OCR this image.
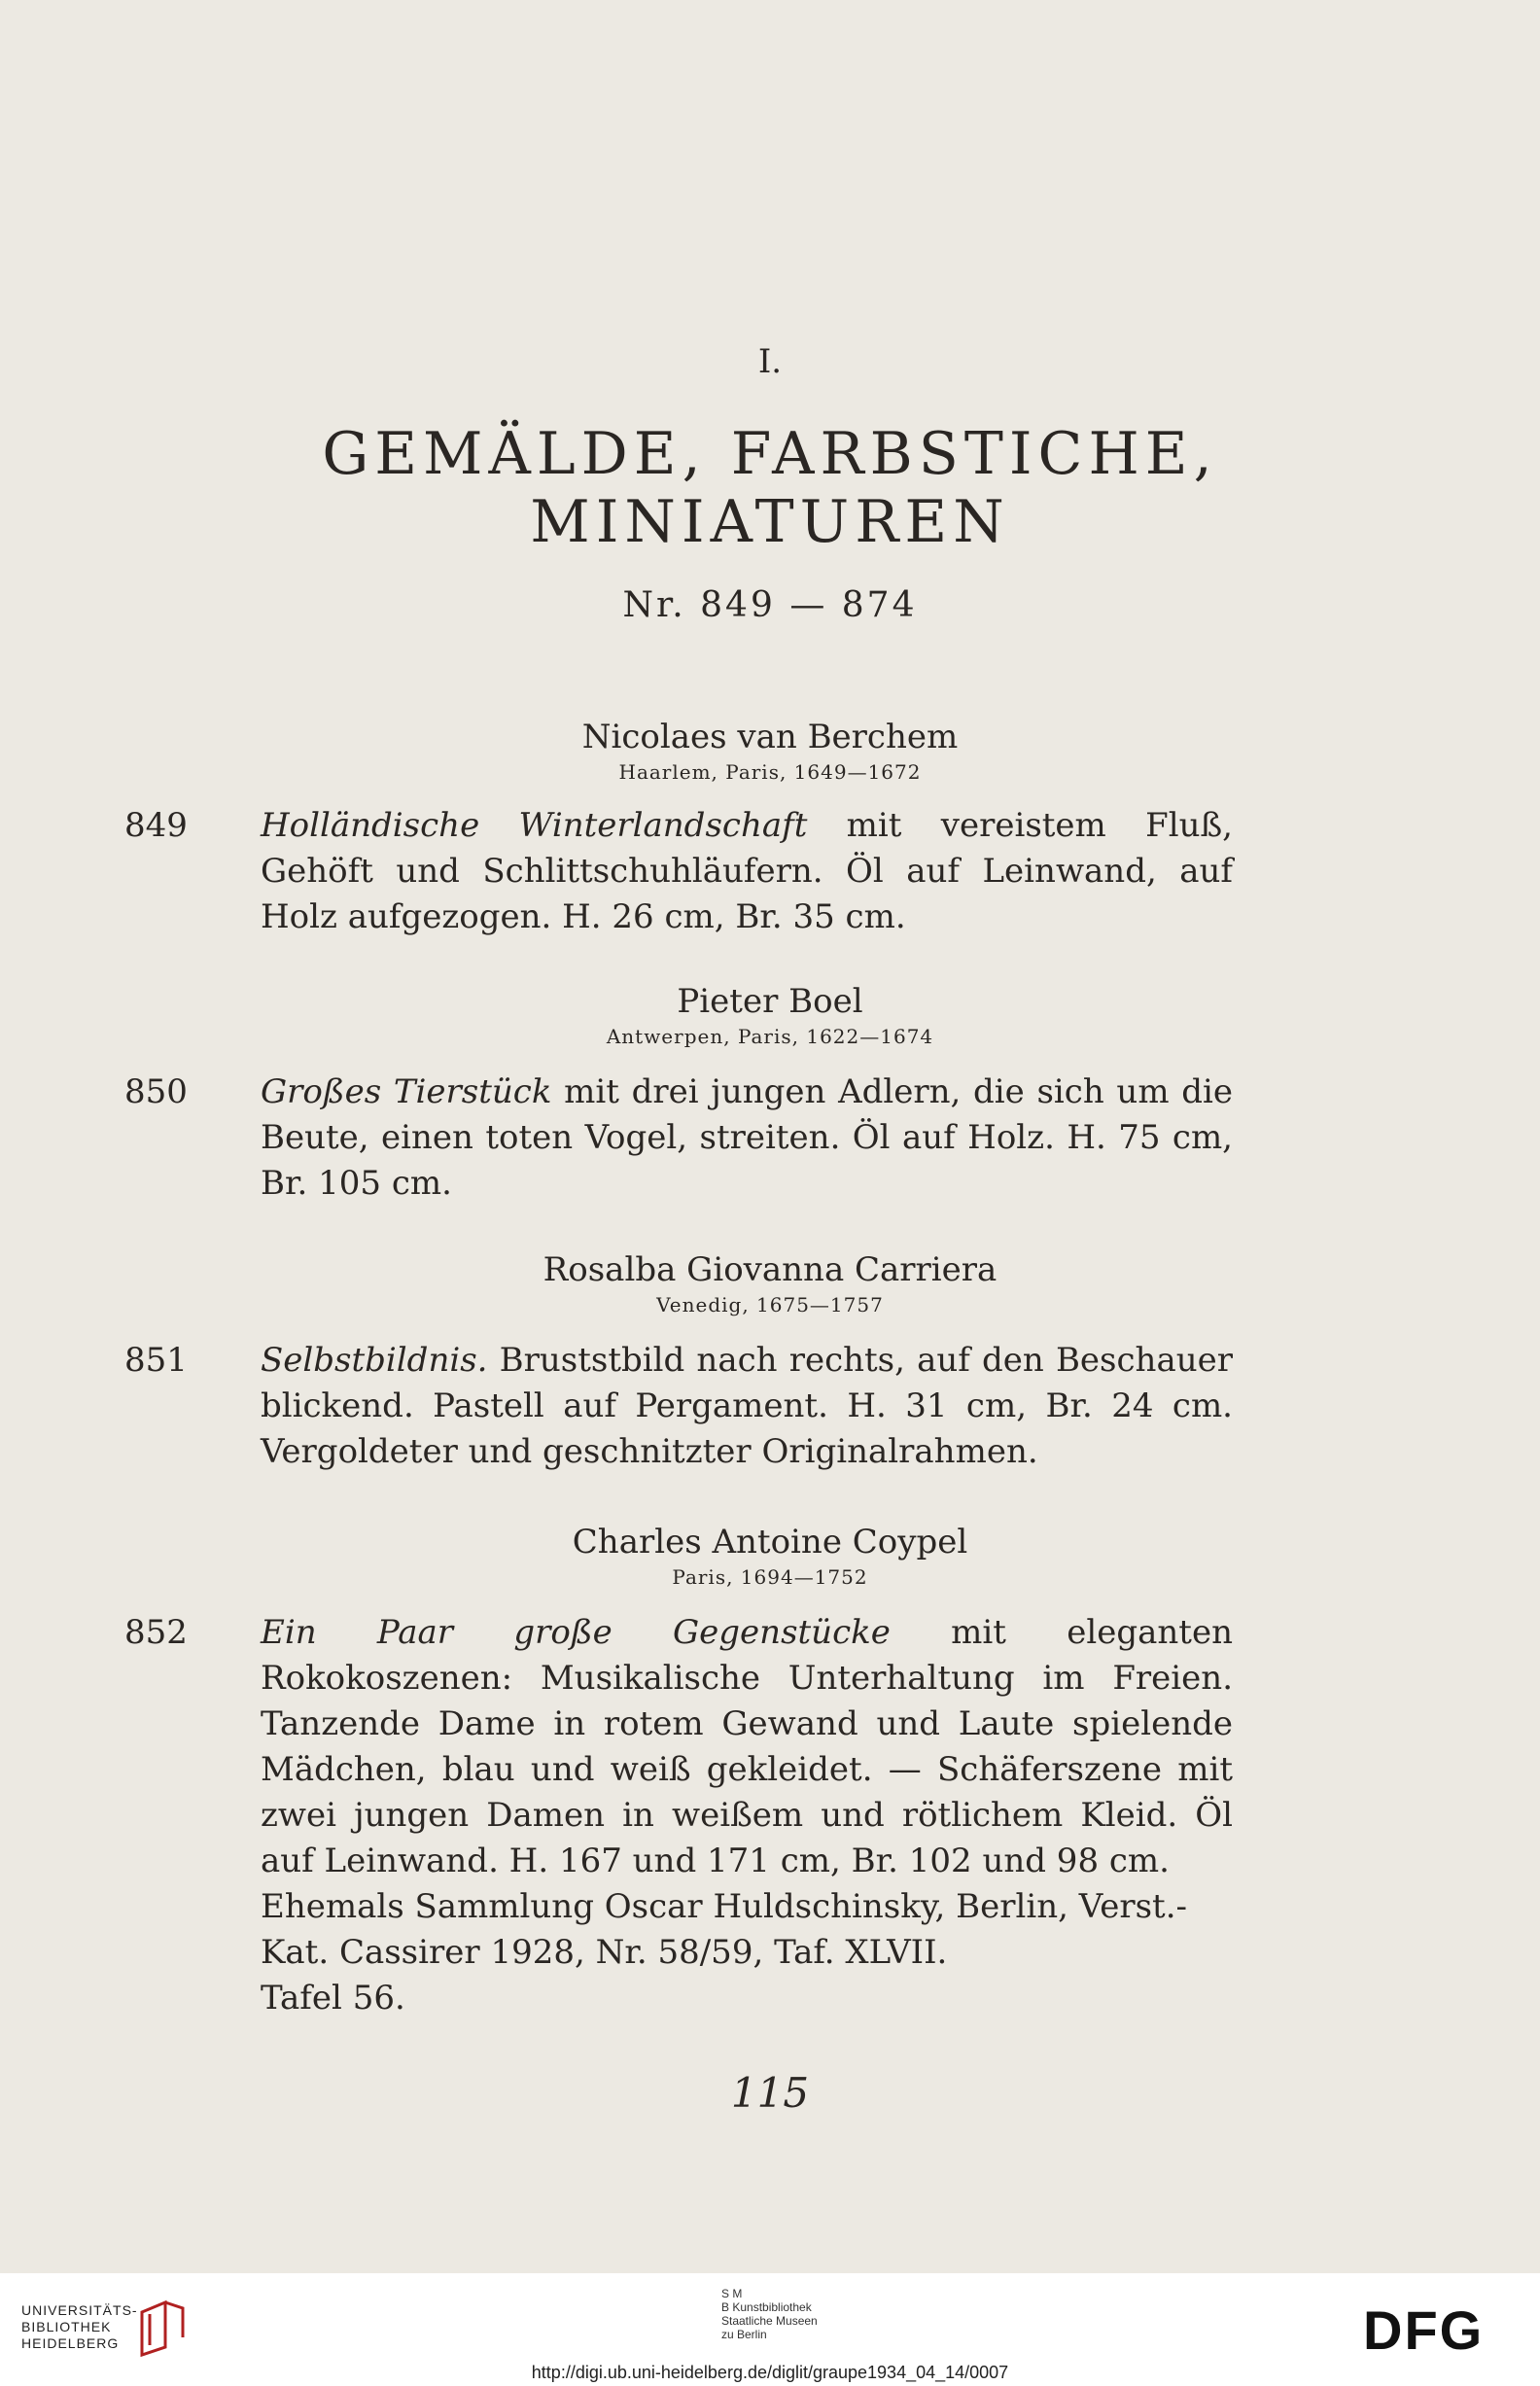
I.
GEMÄLDE, FARBSTICHE,
MINIATUREN
Nr. 849 — 874
Nicolaes van Berchem
Haarlem, Paris, 1649—1672
849 Holländische Winterlandschaft mit vereistem Fluß, Gehöft und Schlittschuhläufern. Öl auf Leinwand, auf Holz aufgezogen. H. 26 cm, Br. 35 cm.

Pieter Boel
Antwerpen, Paris, 1622—1674
850 Großes Tierstück mit drei jungen Adlern, die sich um die Beute, einen toten Vogel, streiten. Öl auf Holz. H. 75 cm, Br. 105 cm.

Rosalba Giovanna Carriera
Venedig, 1675—1757
851 Selbstbildnis. Bruststbild nach rechts, auf den Beschauer blickend. Pastell auf Pergament. H. 31 cm, Br. 24 cm. Vergoldeter und geschnitzter Originalrahmen.

Charles Antoine Coypel
Paris, 1694—1752
852 Ein Paar große Gegenstücke mit eleganten Rokokoszenen: Musikalische Unterhaltung im Freien. Tanzende Dame in rotem Gewand und Laute spielende Mädchen, blau und weiß gekleidet. — Schäferszene mit zwei jungen Damen in weißem und rötlichem Kleid. Öl auf Leinwand. H. 167 und 171 cm, Br. 102 und 98 cm.

Ehemals Sammlung Oscar Huldschinsky, Berlin, Verst.-Kat. Cassirer 1928, Nr. 58/59, Taf. XLVII.

Tafel 56.

115
UNIVERSITÄTS-
BIBLIOTHEK
HEIDELBERG
S M
B Kunstbibliothek
Staatliche Museen
zu Berlin	DFG
http://digi.ub.uni-heidelberg.de/diglit/graupe1934_04_14/0007
